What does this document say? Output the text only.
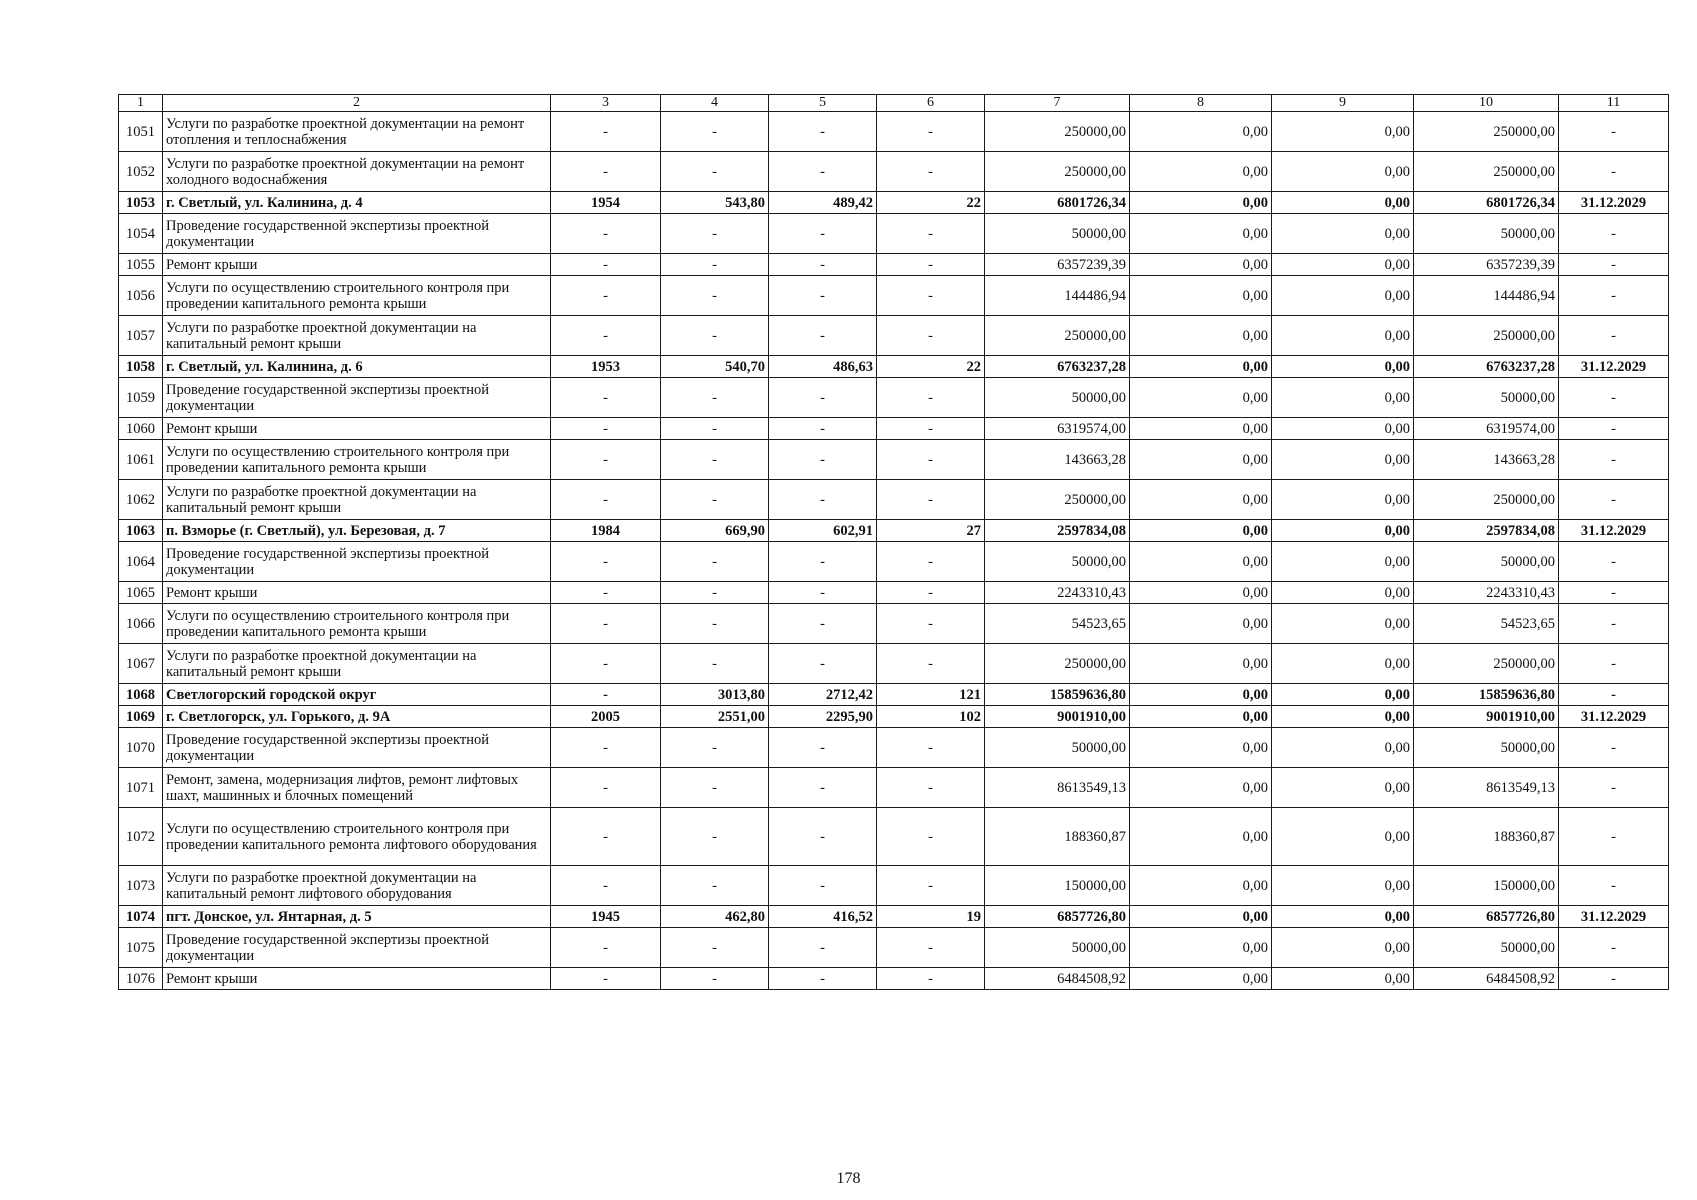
1	2	3	4	5	6	7	8	9	10	11
1051	Услуги по разработке проектной документации на ремонт отопления и теплоснабжения	-	-	-	-	250000,00	0,00	0,00	250000,00	-
1052	Услуги по разработке проектной документации на ремонт холодного водоснабжения	-	-	-	-	250000,00	0,00	0,00	250000,00	-
1053	г. Светлый, ул. Калинина, д. 4	1954	543,80	489,42	22	6801726,34	0,00	0,00	6801726,34	31.12.2029
1054	Проведение государственной экспертизы проектной документации	-	-	-	-	50000,00	0,00	0,00	50000,00	-
1055	Ремонт крыши	-	-	-	-	6357239,39	0,00	0,00	6357239,39	-
1056	Услуги по осуществлению строительного контроля при проведении капитального ремонта крыши	-	-	-	-	144486,94	0,00	0,00	144486,94	-
1057	Услуги по разработке проектной документации на капитальный ремонт крыши	-	-	-	-	250000,00	0,00	0,00	250000,00	-
1058	г. Светлый, ул. Калинина, д. 6	1953	540,70	486,63	22	6763237,28	0,00	0,00	6763237,28	31.12.2029
1059	Проведение государственной экспертизы проектной документации	-	-	-	-	50000,00	0,00	0,00	50000,00	-
1060	Ремонт крыши	-	-	-	-	6319574,00	0,00	0,00	6319574,00	-
1061	Услуги по осуществлению строительного контроля при проведении капитального ремонта крыши	-	-	-	-	143663,28	0,00	0,00	143663,28	-
1062	Услуги по разработке проектной документации на капитальный ремонт крыши	-	-	-	-	250000,00	0,00	0,00	250000,00	-
1063	п. Взморье (г. Светлый), ул. Березовая, д. 7	1984	669,90	602,91	27	2597834,08	0,00	0,00	2597834,08	31.12.2029
1064	Проведение государственной экспертизы проектной документации	-	-	-	-	50000,00	0,00	0,00	50000,00	-
1065	Ремонт крыши	-	-	-	-	2243310,43	0,00	0,00	2243310,43	-
1066	Услуги по осуществлению строительного контроля при проведении капитального ремонта крыши	-	-	-	-	54523,65	0,00	0,00	54523,65	-
1067	Услуги по разработке проектной документации на капитальный ремонт крыши	-	-	-	-	250000,00	0,00	0,00	250000,00	-
1068	Светлогорский городской округ	-	3013,80	2712,42	121	15859636,80	0,00	0,00	15859636,80	-
1069	г. Светлогорск, ул. Горького, д. 9А	2005	2551,00	2295,90	102	9001910,00	0,00	0,00	9001910,00	31.12.2029
1070	Проведение государственной экспертизы проектной документации	-	-	-	-	50000,00	0,00	0,00	50000,00	-
1071	Ремонт, замена, модернизация лифтов, ремонт лифтовых шахт, машинных и блочных помещений	-	-	-	-	8613549,13	0,00	0,00	8613549,13	-
1072	Услуги по осуществлению строительного контроля при проведении капитального ремонта лифтового оборудования	-	-	-	-	188360,87	0,00	0,00	188360,87	-
1073	Услуги по разработке проектной документации на капитальный ремонт лифтового оборудования	-	-	-	-	150000,00	0,00	0,00	150000,00	-
1074	пгт. Донское, ул. Янтарная, д. 5	1945	462,80	416,52	19	6857726,80	0,00	0,00	6857726,80	31.12.2029
1075	Проведение государственной экспертизы проектной документации	-	-	-	-	50000,00	0,00	0,00	50000,00	-
1076	Ремонт крыши	-	-	-	-	6484508,92	0,00	0,00	6484508,92	-
178
